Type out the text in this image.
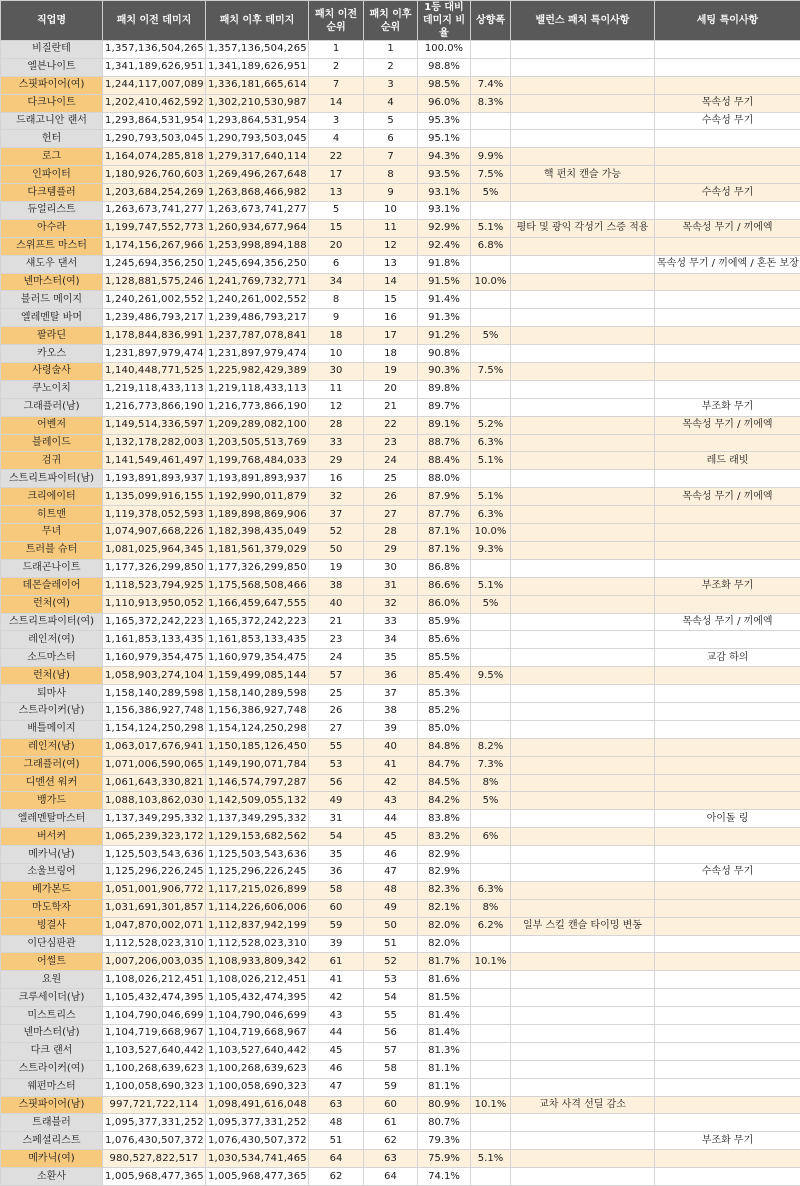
직업명	패치 이전 데미지	패치 이후 데미지	패치 이전 순위	패치 이후 순위	1등 대비 데미지 비율	상향폭	밸런스 패치 특이사항	세팅 특이사항
비질란테	1,357,136,504,265	1,357,136,504,265	1	1	100.0%			
엘븐나이트	1,341,189,626,951	1,341,189,626,951	2	2	98.8%			
스핏파이어(여)	1,244,117,007,089	1,336,181,665,614	7	3	98.5%	7.4%		
다크나이트	1,202,410,462,592	1,302,210,530,987	14	4	96.0%	8.3%		목속성 무기
드래고니안 랜서	1,293,864,531,954	1,293,864,531,954	3	5	95.3%			수속성 무기
헌터	1,290,793,503,045	1,290,793,503,045	4	6	95.1%			
로그	1,164,074,285,818	1,279,317,640,114	22	7	94.3%	9.9%		
인파이터	1,180,926,760,603	1,269,496,267,648	17	8	93.5%	7.5%	핵 펀치 캔슬 가능	
다크템플러	1,203,684,254,269	1,263,868,466,982	13	9	93.1%	5%		수속성 무기
듀얼리스트	1,263,673,741,277	1,263,673,741,277	5	10	93.1%			
아수라	1,199,747,552,773	1,260,934,677,964	15	11	92.9%	5.1%	평타 및 광익 각성기 스증 적용	목속성 무기 / 끼에엑
스위프트 마스터	1,174,156,267,966	1,253,998,894,188	20	12	92.4%	6.8%		
섀도우 댄서	1,245,694,356,250	1,245,694,356,250	6	13	91.8%			목속성 무기 / 끼에엑 / 혼돈 보장
넨마스터(여)	1,128,881,575,246	1,241,769,732,771	34	14	91.5%	10.0%		
블러드 메이지	1,240,261,002,552	1,240,261,002,552	8	15	91.4%			
엘레멘탈 바머	1,239,486,793,217	1,239,486,793,217	9	16	91.3%			
팔라딘	1,178,844,836,991	1,237,787,078,841	18	17	91.2%	5%		
카오스	1,231,897,979,474	1,231,897,979,474	10	18	90.8%			
사령술사	1,140,448,771,525	1,225,982,429,389	30	19	90.3%	7.5%		
쿠노이치	1,219,118,433,113	1,219,118,433,113	11	20	89.8%			
그래플러(남)	1,216,773,866,190	1,216,773,866,190	12	21	89.7%			부조화 무기
어벤저	1,149,514,336,597	1,209,289,082,100	28	22	89.1%	5.2%		목속성 무기 / 끼에엑
블레이드	1,132,178,282,003	1,203,505,513,769	33	23	88.7%	6.3%		
검귀	1,141,549,461,497	1,199,768,484,033	29	24	88.4%	5.1%		레드 래빗
스트리트파이터(남)	1,193,891,893,937	1,193,891,893,937	16	25	88.0%			
크리에이터	1,135,099,916,155	1,192,990,011,879	32	26	87.9%	5.1%		목속성 무기 / 끼에엑
히트맨	1,119,378,052,593	1,189,898,869,906	37	27	87.7%	6.3%		
무녀	1,074,907,668,226	1,182,398,435,049	52	28	87.1%	10.0%		
트러블 슈터	1,081,025,964,345	1,181,561,379,029	50	29	87.1%	9.3%		
드래곤나이트	1,177,326,299,850	1,177,326,299,850	19	30	86.8%			
데몬슬레이어	1,118,523,794,925	1,175,568,508,466	38	31	86.6%	5.1%		부조화 무기
런처(여)	1,110,913,950,052	1,166,459,647,555	40	32	86.0%	5%		
스트리트파이터(여)	1,165,372,242,223	1,165,372,242,223	21	33	85.9%			목속성 무기 / 끼에엑
레인저(여)	1,161,853,133,435	1,161,853,133,435	23	34	85.6%			
소드마스터	1,160,979,354,475	1,160,979,354,475	24	35	85.5%			교감 하의
런처(남)	1,058,903,274,104	1,159,499,085,144	57	36	85.4%	9.5%		
퇴마사	1,158,140,289,598	1,158,140,289,598	25	37	85.3%			
스트라이커(남)	1,156,386,927,748	1,156,386,927,748	26	38	85.2%			
배틀메이지	1,154,124,250,298	1,154,124,250,298	27	39	85.0%			
레인저(남)	1,063,017,676,941	1,150,185,126,450	55	40	84.8%	8.2%		
그래플러(여)	1,071,006,590,065	1,149,190,071,784	53	41	84.7%	7.3%		
디멘션 워커	1,061,643,330,821	1,146,574,797,287	56	42	84.5%	8%		
뱅가드	1,088,103,862,030	1,142,509,055,132	49	43	84.2%	5%		
엘레멘탈마스터	1,137,349,295,332	1,137,349,295,332	31	44	83.8%			아이돌 링
버서커	1,065,239,323,172	1,129,153,682,562	54	45	83.2%	6%		
메카닉(남)	1,125,503,543,636	1,125,503,543,636	35	46	82.9%			
소울브링어	1,125,296,226,245	1,125,296,226,245	36	47	82.9%			수속성 무기
베가본드	1,051,001,906,772	1,117,215,026,899	58	48	82.3%	6.3%		
마도학자	1,031,691,301,857	1,114,226,606,006	60	49	82.1%	8%		
빙결사	1,047,870,002,071	1,112,837,942,199	59	50	82.0%	6.2%	일부 스킬 캔슬 타이밍 변동	
이단심판관	1,112,528,023,310	1,112,528,023,310	39	51	82.0%			
어썰트	1,007,206,003,035	1,108,933,809,342	61	52	81.7%	10.1%		
요원	1,108,026,212,451	1,108,026,212,451	41	53	81.6%			
크루세이더(남)	1,105,432,474,395	1,105,432,474,395	42	54	81.5%			
미스트리스	1,104,790,046,699	1,104,790,046,699	43	55	81.4%			
넨마스터(남)	1,104,719,668,967	1,104,719,668,967	44	56	81.4%			
다크 랜서	1,103,527,640,442	1,103,527,640,442	45	57	81.3%			
스트라이커(여)	1,100,268,639,623	1,100,268,639,623	46	58	81.1%			
웨펀마스터	1,100,058,690,323	1,100,058,690,323	47	59	81.1%			
스핏파이어(남)	997,721,722,114	1,098,491,616,048	63	60	80.9%	10.1%	교차 사격 선딜 감소	
트래블러	1,095,377,331,252	1,095,377,331,252	48	61	80.7%			
스페셜리스트	1,076,430,507,372	1,076,430,507,372	51	62	79.3%			부조화 무기
메카닉(여)	980,527,822,517	1,030,534,741,465	64	63	75.9%	5.1%		
소환사	1,005,968,477,365	1,005,968,477,365	62	64	74.1%			
